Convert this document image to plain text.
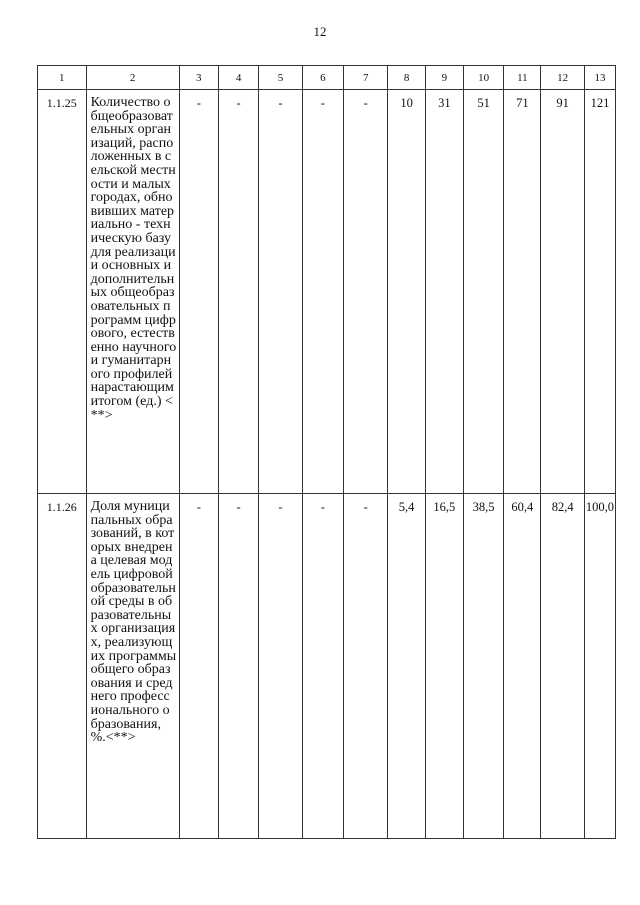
12
1	2	3	4	5	6	7	8	9	10	11	12	13
1.1.25	Количество общеобразовательных организаций, расположенных в сельской местности и малых городах, обновивших материально - техническую базу для реализации основных и дополнительных общеобразовательных программ цифрового, естественно научного и гуманитарного профилей нарастающим итогом (ед.) <**>	-	-	-	-	-	10	31	51	71	91	121
1.1.26	Доля муниципальных образований, в которых внедрена целевая модель цифровой образовательной среды в образовательных организациях, реализующих программы общего образования и среднего профессионального образования, %.<**>	-	-	-	-	-	5,4	16,5	38,5	60,4	82,4	100,0
